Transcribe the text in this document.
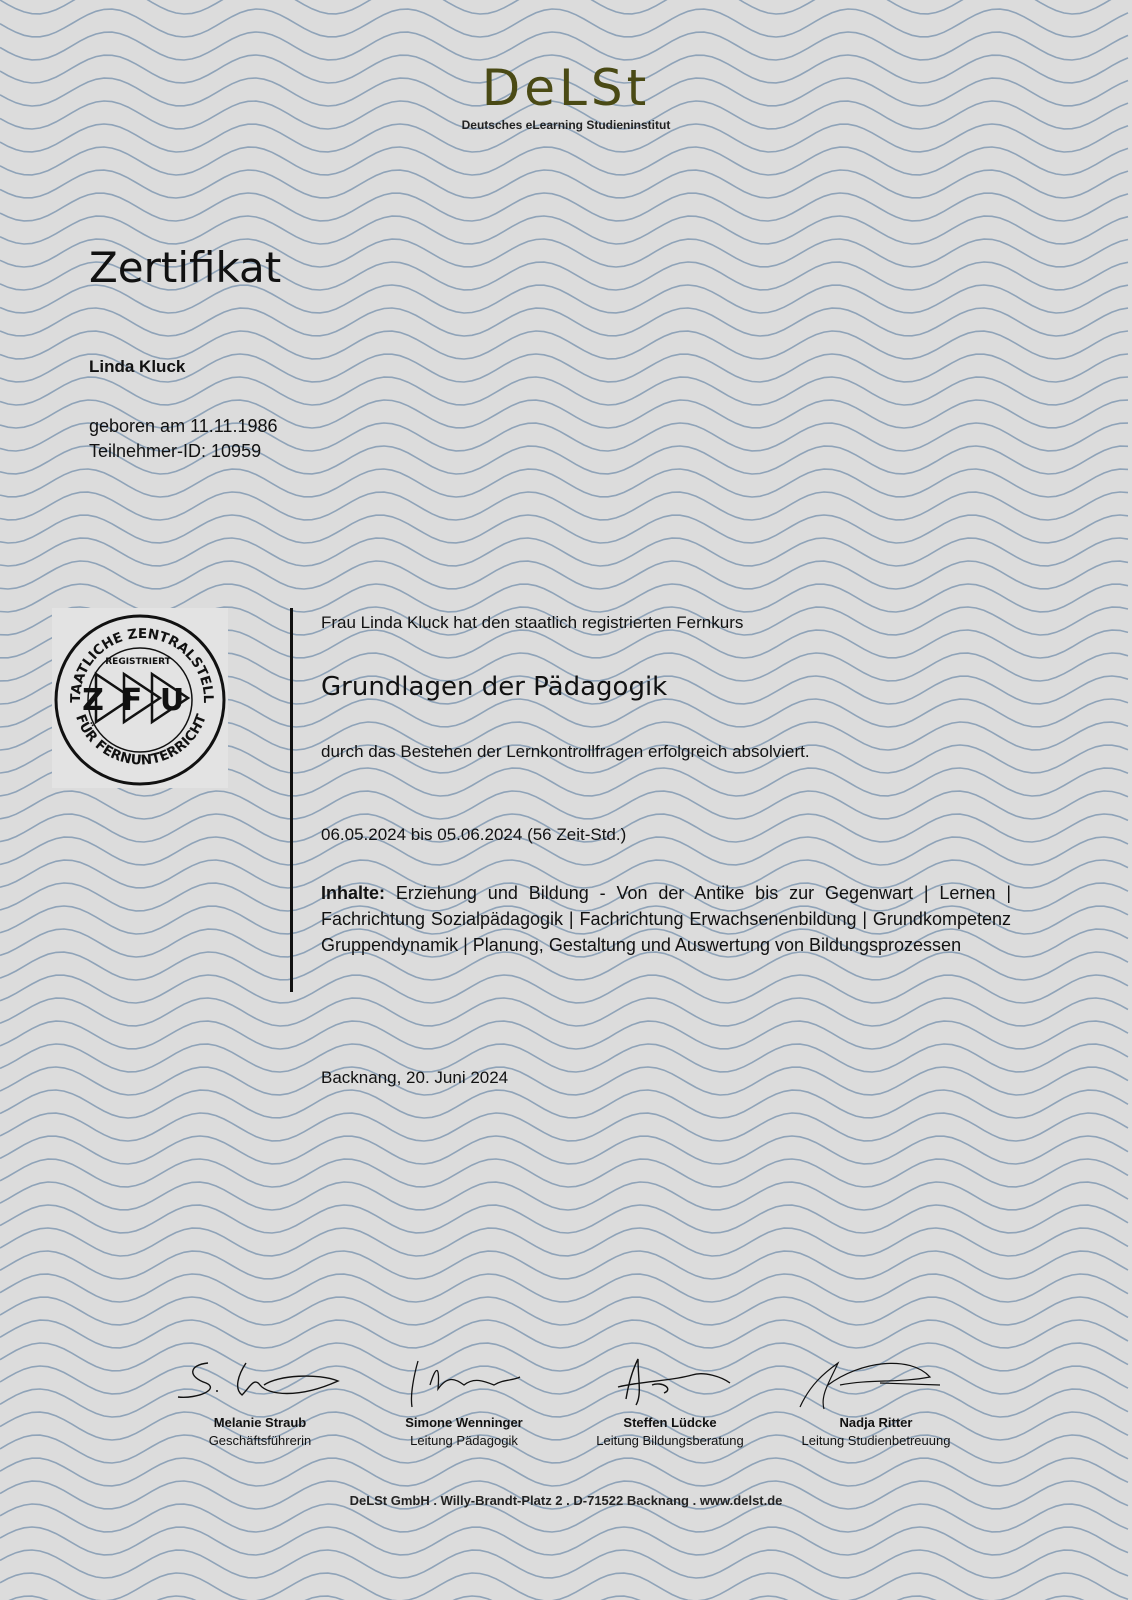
DeLSt
Deutsches eLearning Studieninstitut
Zertifikat
Linda Kluck
geboren am 11.11.1986
Teilnehmer-ID: 10959
TAATLICHE ZENTRALSTELL
FÜR FERNUNTERRICHT
REGISTRIERT
Z F U
Frau Linda Kluck hat den staatlich registrierten Fernkurs
Grundlagen der Pädagogik
durch das Bestehen der Lernkontrollfragen erfolgreich absolviert.
06.05.2024 bis 05.06.2024 (56 Zeit-Std.)
Inhalte: Erziehung und Bildung - Von der Antike bis zur Gegenwart | Lernen | Fachrichtung Sozialpädagogik | Fachrichtung Erwachsenenbildung | Grundkompetenz Gruppendynamik | Planung, Gestaltung und Auswertung von Bildungsprozessen
Backnang, 20. Juni 2024
Melanie Straub
Geschäftsführerin
Simone Wenninger
Leitung Pädagogik
Steffen Lüdcke
Leitung Bildungsberatung
Nadja Ritter
Leitung Studienbetreuung
DeLSt GmbH . Willy-Brandt-Platz 2 . D-71522 Backnang . www.delst.de
